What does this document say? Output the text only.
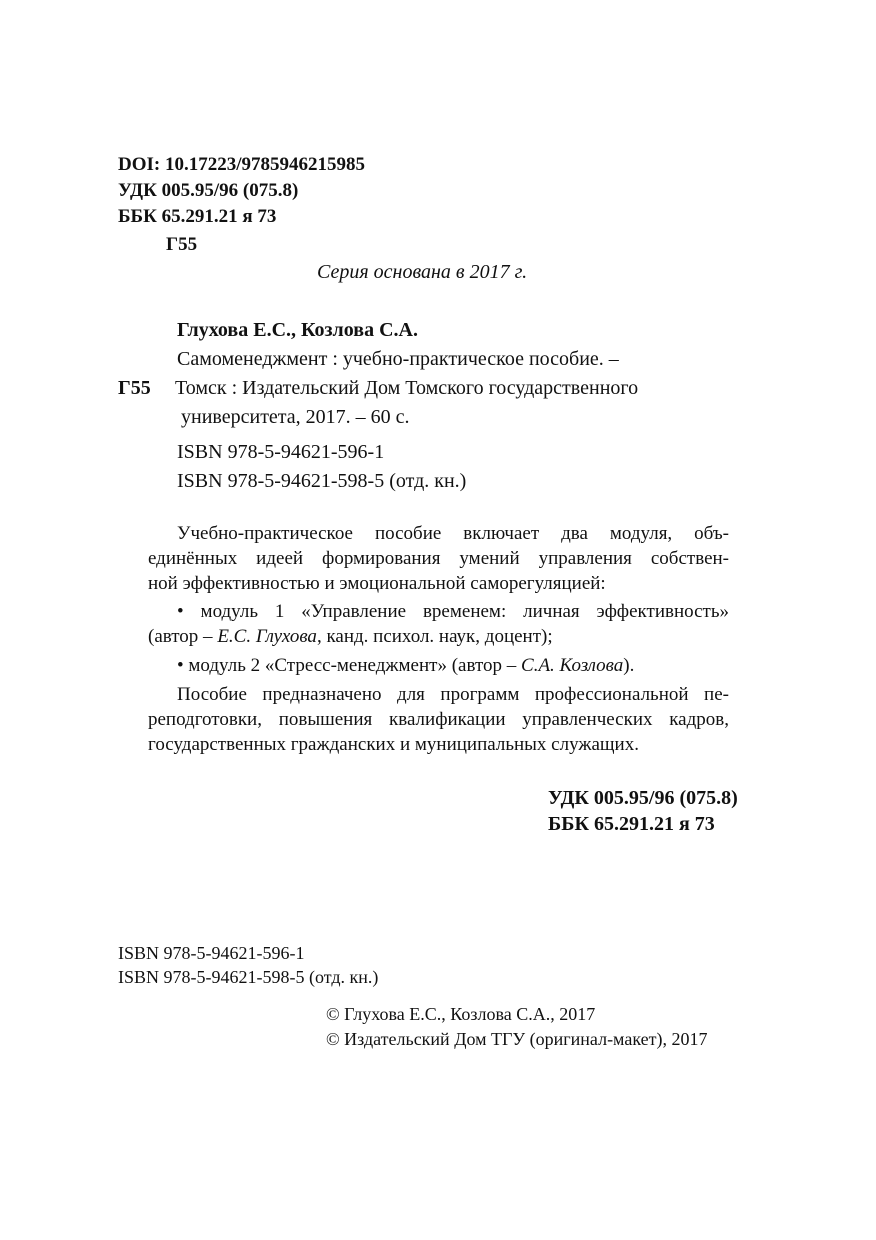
DOI: 10.17223/9785946215985
УДК 005.95/96 (075.8)
ББК 65.291.21 я 73
Г55
Серия основана в 2017 г.
Глухова Е.С., Козлова С.А.
Самоменеджмент : учебно-практическое пособие. –
Г55 Томск : Издательский Дом Томского государственного
университета, 2017. – 60 с.
ISBN 978-5-94621-596-1
ISBN 978-5-94621-598-5 (отд. кн.)
Учебно-практическое пособие включает два модуля, объ-
единённых идеей формирования умений управления собствен-
ной эффективностью и эмоциональной саморегуляцией:
• модуль 1 «Управление временем: личная эффективность»
(автор – Е.С. Глухова, канд. психол. наук, доцент);
• модуль 2 «Стресс-менеджмент» (автор – С.А. Козлова).
Пособие предназначено для программ профессиональной пе-
реподготовки, повышения квалификации управленческих кадров,
государственных гражданских и муниципальных служащих.
УДК 005.95/96 (075.8)
ББК 65.291.21 я 73
ISBN 978-5-94621-596-1
ISBN 978-5-94621-598-5 (отд. кн.)
© Глухова Е.С., Козлова С.А., 2017
© Издательский Дом ТГУ (оригинал-макет), 2017
